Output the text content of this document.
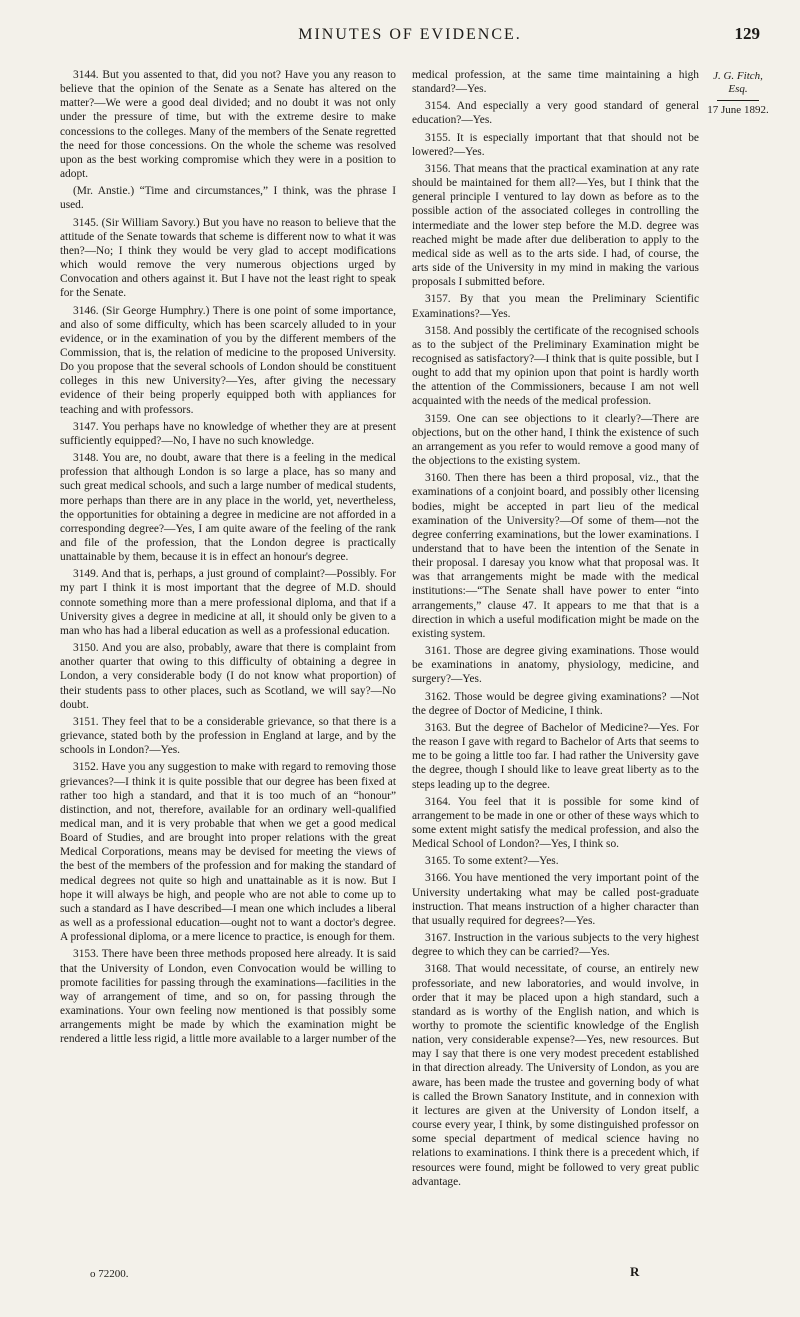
MINUTES OF EVIDENCE.	129

3144. But you assented to that, did you not? Have you any reason to believe that the opinion of the Senate as a Senate has altered on the matter?—We were a good deal divided; and no doubt it was not only under the pressure of time, but with the extreme desire to make concessions to the colleges. Many of the members of the Senate regretted the need for those concessions. On the whole the scheme was resolved upon as the best working compromise which they were in a position to adopt.

(Mr. Anstie.) “Time and circumstances,” I think, was the phrase I used.

3145. (Sir William Savory.) But you have no reason to believe that the attitude of the Senate towards that scheme is different now to what it was then?—No; I think they would be very glad to accept modifications which would remove the very numerous objections urged by Convocation and others against it. But I have not the least right to speak for the Senate.

3146. (Sir George Humphry.) There is one point of some importance, and also of some difficulty, which has been scarcely alluded to in your evidence, or in the examination of you by the different members of the Commission, that is, the relation of medicine to the proposed University. Do you propose that the several schools of London should be constituent colleges in this new University?—Yes, after giving the necessary evidence of their being properly equipped both with appliances for teaching and with professors.

3147. You perhaps have no knowledge of whether they are at present sufficiently equipped?—No, I have no such knowledge.

3148. You are, no doubt, aware that there is a feeling in the medical profession that although London is so large a place, has so many and such great medical schools, and such a large number of medical students, more perhaps than there are in any place in the world, yet, nevertheless, the opportunities for obtaining a degree in medicine are not afforded in a corresponding degree?—Yes, I am quite aware of the feeling of the rank and file of the profession, that the London degree is practically unattainable by them, because it is in effect an honour's degree.

3149. And that is, perhaps, a just ground of complaint?—Possibly. For my part I think it is most important that the degree of M.D. should connote something more than a mere professional diploma, and that if a University gives a degree in medicine at all, it should only be given to a man who has had a liberal education as well as a professional education.

3150. And you are also, probably, aware that there is complaint from another quarter that owing to this difficulty of obtaining a degree in London, a very considerable body (I do not know what proportion) of their students pass to other places, such as Scotland, we will say?—No doubt.

3151. They feel that to be a considerable grievance, so that there is a grievance, stated both by the profession in England at large, and by the schools in London?—Yes.

3152. Have you any suggestion to make with regard to removing those grievances?—I think it is quite possible that our degree has been fixed at rather too high a standard, and that it is too much of an “honour” distinction, and not, therefore, available for an ordinary well-qualified medical man, and it is very probable that when we get a good medical Board of Studies, and are brought into proper relations with the great Medical Corporations, means may be devised for meeting the views of the best of the members of the profession and for making the standard of medical degrees not quite so high and unattainable as it is now. But I hope it will always be high, and people who are not able to come up to such a standard as I have described—I mean one which includes a liberal as well as a professional education—ought not to want a doctor's degree. A professional diploma, or a mere licence to practice, is enough for them.

3153. There have been three methods proposed here already. It is said that the University of London, even Convocation would be willing to promote facilities for passing through the examinations—facilities in the way of arrangement of time, and so on, for passing through the examinations. Your own feeling now mentioned is that possibly some arrangements might be made by which the examination might be rendered a little less rigid, a little more available to a larger number of the

medical profession, at the same time maintaining a high standard?—Yes.

3154. And especially a very good standard of general education?—Yes.

3155. It is especially important that that should not be lowered?—Yes.

3156. That means that the practical examination at any rate should be maintained for them all?—Yes, but I think that the general principle I ventured to lay down as before as to the possible action of the associated colleges in controlling the intermediate and the lower step before the M.D. degree was reached might be made after due deliberation to apply to the medical side as well as to the arts side. I had, of course, the arts side of the University in my mind in making the various proposals I submitted before.

3157. By that you mean the Preliminary Scientific Examinations?—Yes.

3158. And possibly the certificate of the recognised schools as to the subject of the Preliminary Examination might be recognised as satisfactory?—I think that is quite possible, but I ought to add that my opinion upon that point is hardly worth the attention of the Commissioners, because I am not well acquainted with the needs of the medical profession.

3159. One can see objections to it clearly?—There are objections, but on the other hand, I think the existence of such an arrangement as you refer to would remove a good many of the objections to the existing system.

3160. Then there has been a third proposal, viz., that the examinations of a conjoint board, and possibly other licensing bodies, might be accepted in part lieu of the medical examination of the University?—Of some of them—not the degree conferring examinations, but the lower examinations. I understand that to have been the intention of the Senate in their proposal. I daresay you know what that proposal was. It was that arrangements might be made with the medical institutions:—“The Senate shall have power to enter “into arrangements,” clause 47. It appears to me that that is a direction in which a useful modification might be made on the existing system.

3161. Those are degree giving examinations. Those would be examinations in anatomy, physiology, medicine, and surgery?—Yes.

3162. Those would be degree giving examinations? —Not the degree of Doctor of Medicine, I think.

3163. But the degree of Bachelor of Medicine?—Yes. For the reason I gave with regard to Bachelor of Arts that seems to me to be going a little too far. I had rather the University gave the degree, though I should like to leave great liberty as to the steps leading up to the degree.

3164. You feel that it is possible for some kind of arrangement to be made in one or other of these ways which to some extent might satisfy the medical profession, and also the Medical School of London?—Yes, I think so.

3165. To some extent?—Yes.

3166. You have mentioned the very important point of the University undertaking what may be called post-graduate instruction. That means instruction of a higher character than that usually required for degrees?—Yes.

3167. Instruction in the various subjects to the very highest degree to which they can be carried?—Yes.

3168. That would necessitate, of course, an entirely new professoriate, and new laboratories, and would involve, in order that it may be placed upon a high standard, such a standard as is worthy of the English nation, and which is worthy to promote the scientific knowledge of the English nation, very considerable expense?—Yes, new resources. But may I say that there is one very modest precedent established in that direction already. The University of London, as you are aware, has been made the trustee and governing body of what is called the Brown Sanatory Institute, and in connexion with it lectures are given at the University of London itself, a course every year, I think, by some distinguished professor on some special department of medical science having no relations to examinations. I think there is a precedent which, if resources were found, might be followed to very great public advantage.

J. G. Fitch,
Esq.
17 June 1892.
o 72200.	R
